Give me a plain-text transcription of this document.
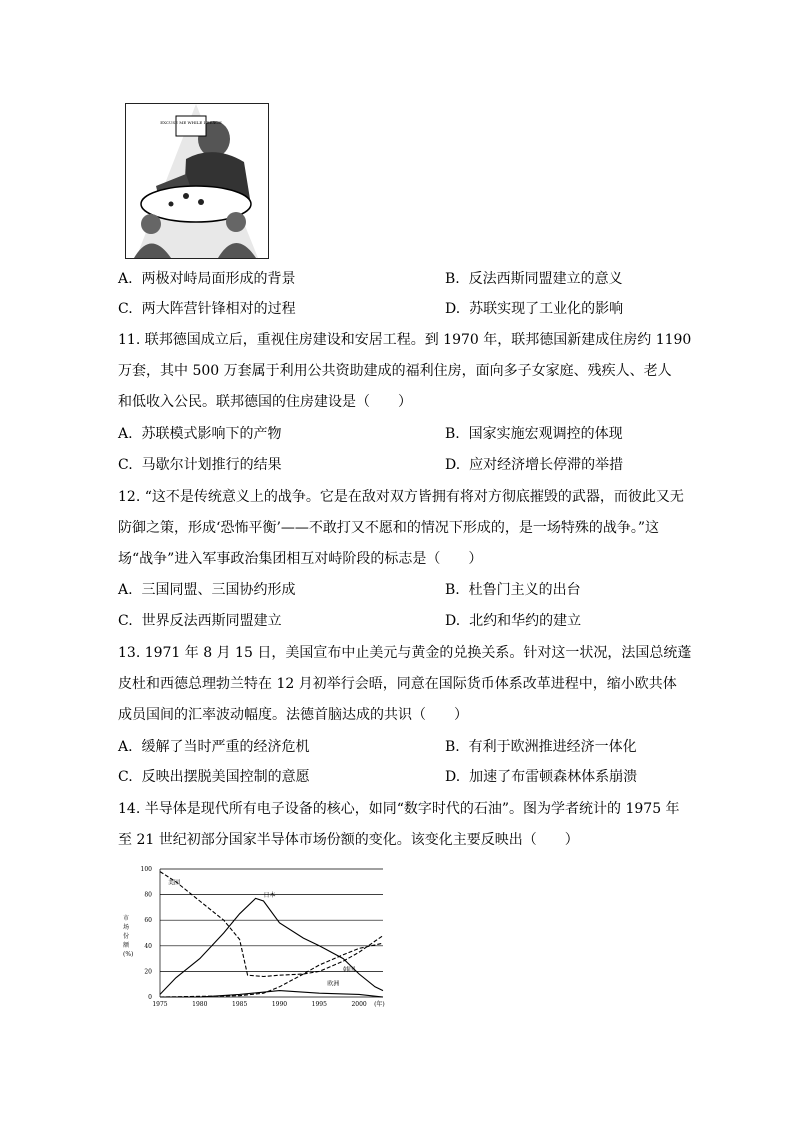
EXCUSE ME WHILE I REACH
A. 两极对峙局面形成的背景	B. 反法西斯同盟建立的意义
C. 两大阵营针锋相对的过程	D. 苏联实现了工业化的影响
11. 联邦德国成立后，重视住房建设和安居工程。到 1970 年，联邦德国新建成住房约 1190
万套，其中 500 万套属于利用公共资助建成的福利住房，面向多子女家庭、残疾人、老人
和低收入公民。联邦德国的住房建设是（　　）
A. 苏联模式影响下的产物	B. 国家实施宏观调控的体现
C. 马歇尔计划推行的结果	D. 应对经济增长停滞的举措
12. “这不是传统意义上的战争。它是在敌对双方皆拥有将对方彻底摧毁的武器，而彼此又无
防御之策，形成‘恐怖平衡’——不敢打又不愿和的情况下形成的，是一场特殊的战争。”这
场“战争”进入军事政治集团相互对峙阶段的标志是（　　）
A. 三国同盟、三国协约形成	B. 杜鲁门主义的出台
C. 世界反法西斯同盟建立	D. 北约和华约的建立
13. 1971 年 8 月 15 日，美国宣布中止美元与黄金的兑换关系。针对这一状况，法国总统蓬
皮杜和西德总理勃兰特在 12 月初举行会晤，同意在国际货币体系改革进程中，缩小欧共体
成员国间的汇率波动幅度。法德首脑达成的共识（　　）
A. 缓解了当时严重的经济危机	B. 有利于欧洲推进经济一体化
C. 反映出摆脱美国控制的意愿	D. 加速了布雷顿森林体系崩溃
14. 半导体是现代所有电子设备的核心，如同“数字时代的石油”。图为学者统计的 1975 年
至 21 世纪初部分国家半导体市场份额的变化。该变化主要反映出（　　）
0
20
40
60
80
100
1975	1980	1985	1990	1995	2000 (年)
美国
日本
韩国
欧洲
市场份额(%)
